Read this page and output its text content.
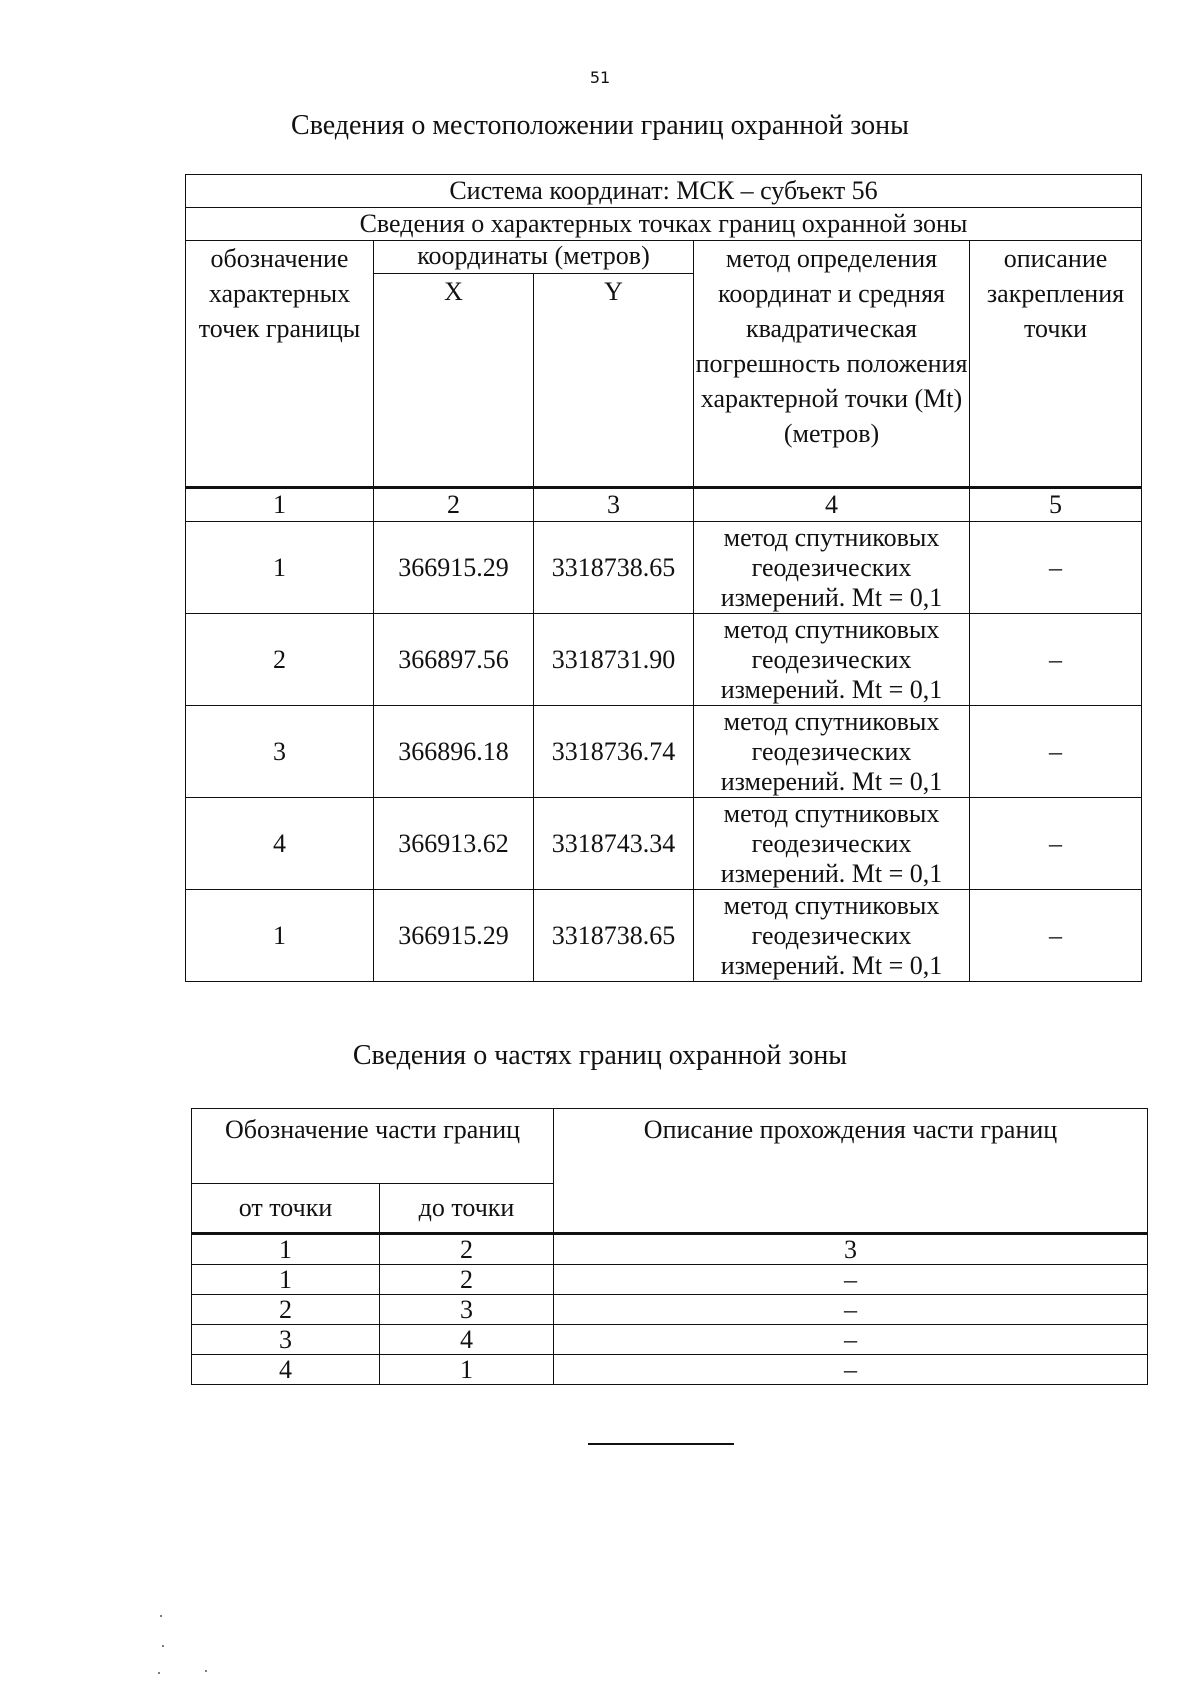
51
Сведения о местоположении границ охранной зоны
Система координат: МСК – субъект 56				
Сведения о характерных точках границ охранной зоны				
обозначение характерных точек границы	координаты (метров)		метод определения координат и средняя квадратическая погрешность положения характерной точки (Mt) (метров)	описание закрепления точки
	X	Y		
1	2	3	4	5
1	366915.29	3318738.65	метод спутниковых геодезических измерений. Mt = 0,1	–
2	366897.56	3318731.90	метод спутниковых геодезических измерений. Mt = 0,1	–
3	366896.18	3318736.74	метод спутниковых геодезических измерений. Mt = 0,1	–
4	366913.62	3318743.34	метод спутниковых геодезических измерений. Mt = 0,1	–
1	366915.29	3318738.65	метод спутниковых геодезических измерений. Mt = 0,1	–
Сведения о частях границ охранной зоны
Обозначение части границ		Описание прохождения части границ
от точки	до точки	
1	2	3
1	2	–
2	3	–
3	4	–
4	1	–
